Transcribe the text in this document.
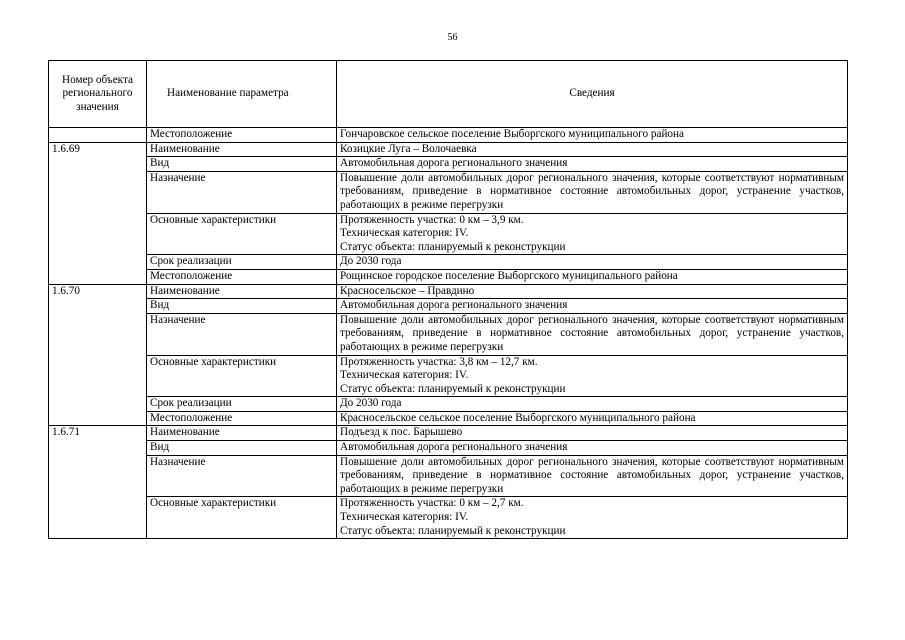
56
Номер объекта регионального значения	Наименование параметра	Сведения
	Местоположение	Гончаровское сельское поселение Выборгского муниципального района
1.6.69	Наименование	Козицкие Луга – Волочаевка
	Вид	Автомобильная дорога регионального значения
	Назначение	Повышение доли автомобильных дорог регионального значения, которые соответствуют нормативным требованиям, приведение в нормативное состояние автомобильных дорог, устранение участков, работающих в режиме перегрузки
	Основные характеристики	Протяженность участка: 0 км – 3,9 км.
Техническая категория: IV.
Статус объекта: планируемый к реконструкции

	Срок реализации	До 2030 года
	Местоположение	Рощинское городское поселение Выборгского муниципального района
1.6.70	Наименование	Красносельское – Правдино
	Вид	Автомобильная дорога регионального значения
	Назначение	Повышение доли автомобильных дорог регионального значения, которые соответствуют нормативным требованиям, приведение в нормативное состояние автомобильных дорог, устранение участков, работающих в режиме перегрузки
	Основные характеристики	Протяженность участка: 3,8 км – 12,7 км.
Техническая категория: IV.
Статус объекта: планируемый к реконструкции

	Срок реализации	До 2030 года
	Местоположение	Красносельское сельское поселение Выборгского муниципального района
1.6.71	Наименование	Подъезд к пос. Барышево
	Вид	Автомобильная дорога регионального значения
	Назначение	Повышение доли автомобильных дорог регионального значения, которые соответствуют нормативным требованиям, приведение в нормативное состояние автомобильных дорог, устранение участков, работающих в режиме перегрузки
	Основные характеристики	Протяженность участка: 0 км – 2,7 км.
Техническая категория: IV.
Статус объекта: планируемый к реконструкции
